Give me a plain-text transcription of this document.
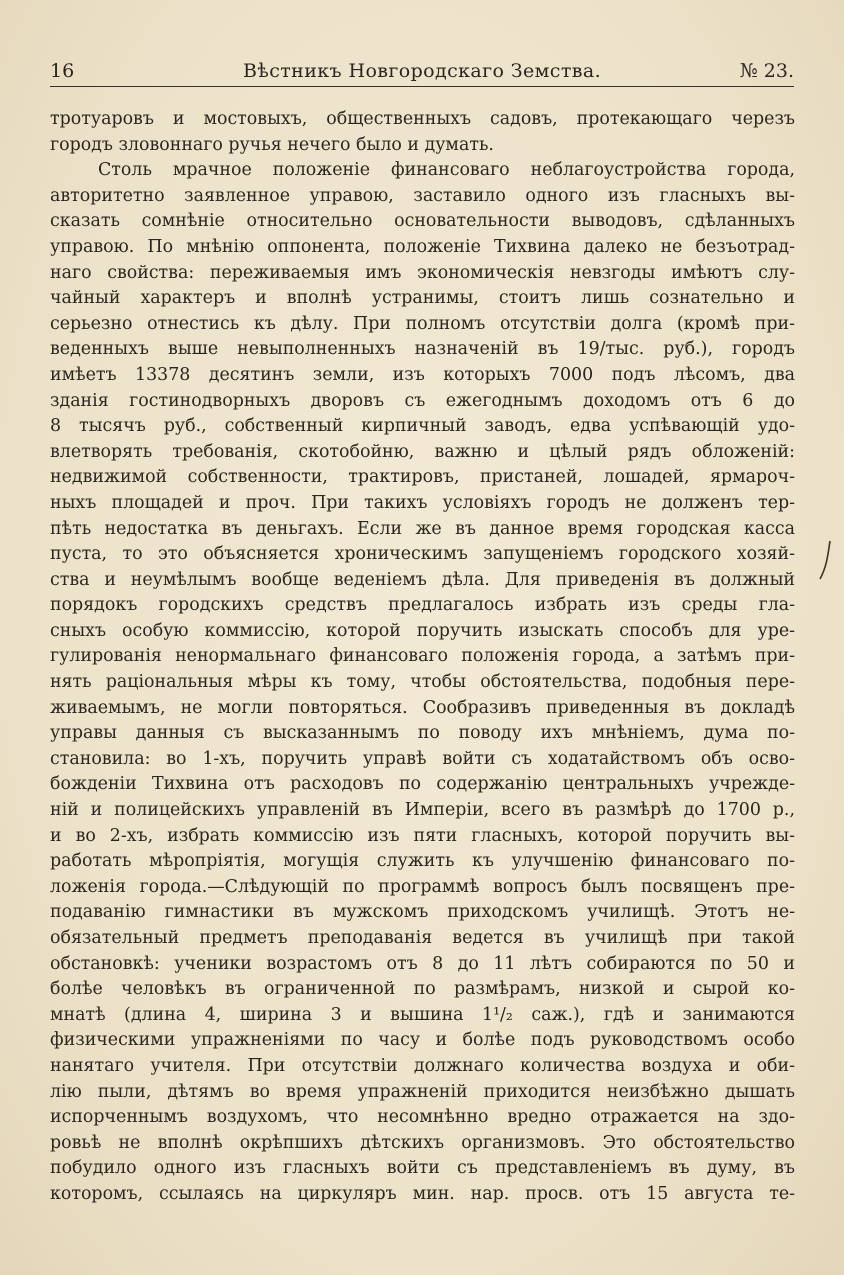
16	Вѣстникъ Новгородскаго Земства.	№ 23.
тротуаровъ и мостовыхъ, общественныхъ садовъ, протекающаго черезъ
городъ зловоннаго ручья нечего было и думать.
Столь мрачное положеніе финансоваго неблагоустройства города,
авторитетно заявленное управою, заставило одного изъ гласныхъ вы-
сказать сомнѣніе относительно основательности выводовъ, сдѣланныхъ
управою. По мнѣнію оппонента, положеніе Тихвина далеко не безъотрад-
наго свойства: переживаемыя имъ экономическія невзгоды имѣютъ слу-
чайный характеръ и вполнѣ устранимы, стоитъ лишь сознательно и
серьезно отнестись къ дѣлу. При полномъ отсутствіи долга (кромѣ при-
веденныхъ выше невыполненныхъ назначеній въ 19/тыс. руб.), городъ
имѣетъ 13378 десятинъ земли, изъ которыхъ 7000 подъ лѣсомъ, два
зданія гостинодворныхъ дворовъ съ ежегоднымъ доходомъ отъ 6 до
8 тысячъ руб., собственный кирпичный заводъ, едва успѣвающій удо-
влетворять требованія, скотобойню, важню и цѣлый рядъ обложеній:
недвижимой собственности, трактировъ, пристаней, лошадей, ярмароч-
ныхъ площадей и проч. При такихъ условіяхъ городъ не долженъ тер-
пѣть недостатка въ деньгахъ. Если же въ данное время городская касса
пуста, то это объясняется хроническимъ запущеніемъ городского хозяй-
ства и неумѣлымъ вообще веденіемъ дѣла. Для приведенія въ должный
порядокъ городскихъ средствъ предлагалось избрать изъ среды гла-
сныхъ особую коммиссію, которой поручить изыскать способъ для уре-
гулированія ненормальнаго финансоваго положенія города, а затѣмъ при-
нять раціональныя мѣры къ тому, чтобы обстоятельства, подобныя пере-
живаемымъ, не могли повторяться. Сообразивъ приведенныя въ докладѣ
управы данныя съ высказаннымъ по поводу ихъ мнѣніемъ, дума по-
становила: во 1-хъ, поручить управѣ войти съ ходатайствомъ объ осво-
божденіи Тихвина отъ расходовъ по содержанію центральныхъ учрежде-
ній и полицейскихъ управленій въ Имперіи, всего въ размѣрѣ до 1700 р.,
и во 2-хъ, избрать коммиссію изъ пяти гласныхъ, которой поручить вы-
работать мѣропріятія, могущія служить къ улучшенію финансоваго по-
ложенія города.—Слѣдующій по программѣ вопросъ былъ посвященъ пре-
подаванію гимнастики въ мужскомъ приходскомъ училищѣ. Этотъ не-
обязательный предметъ преподаванія ведется въ училищѣ при такой
обстановкѣ: ученики возрастомъ отъ 8 до 11 лѣтъ собираются по 50 и
болѣе человѣкъ въ ограниченной по размѣрамъ, низкой и сырой ко-
мнатѣ (длина 4, ширина 3 и вышина 1¹/₂ саж.), гдѣ и занимаются
физическими упражненіями по часу и болѣе подъ руководствомъ особо
нанятаго учителя. При отсутствіи должнаго количества воздуха и оби-
лію пыли, дѣтямъ во время упражненій приходится неизбѣжно дышать
испорченнымъ воздухомъ, что несомнѣнно вредно отражается на здо-
ровьѣ не вполнѣ окрѣпшихъ дѣтскихъ организмовъ. Это обстоятельство
побудило одного изъ гласныхъ войти съ представленіемъ въ думу, въ
которомъ, ссылаясь на циркуляръ мин. нар. просв. отъ 15 августа те-
